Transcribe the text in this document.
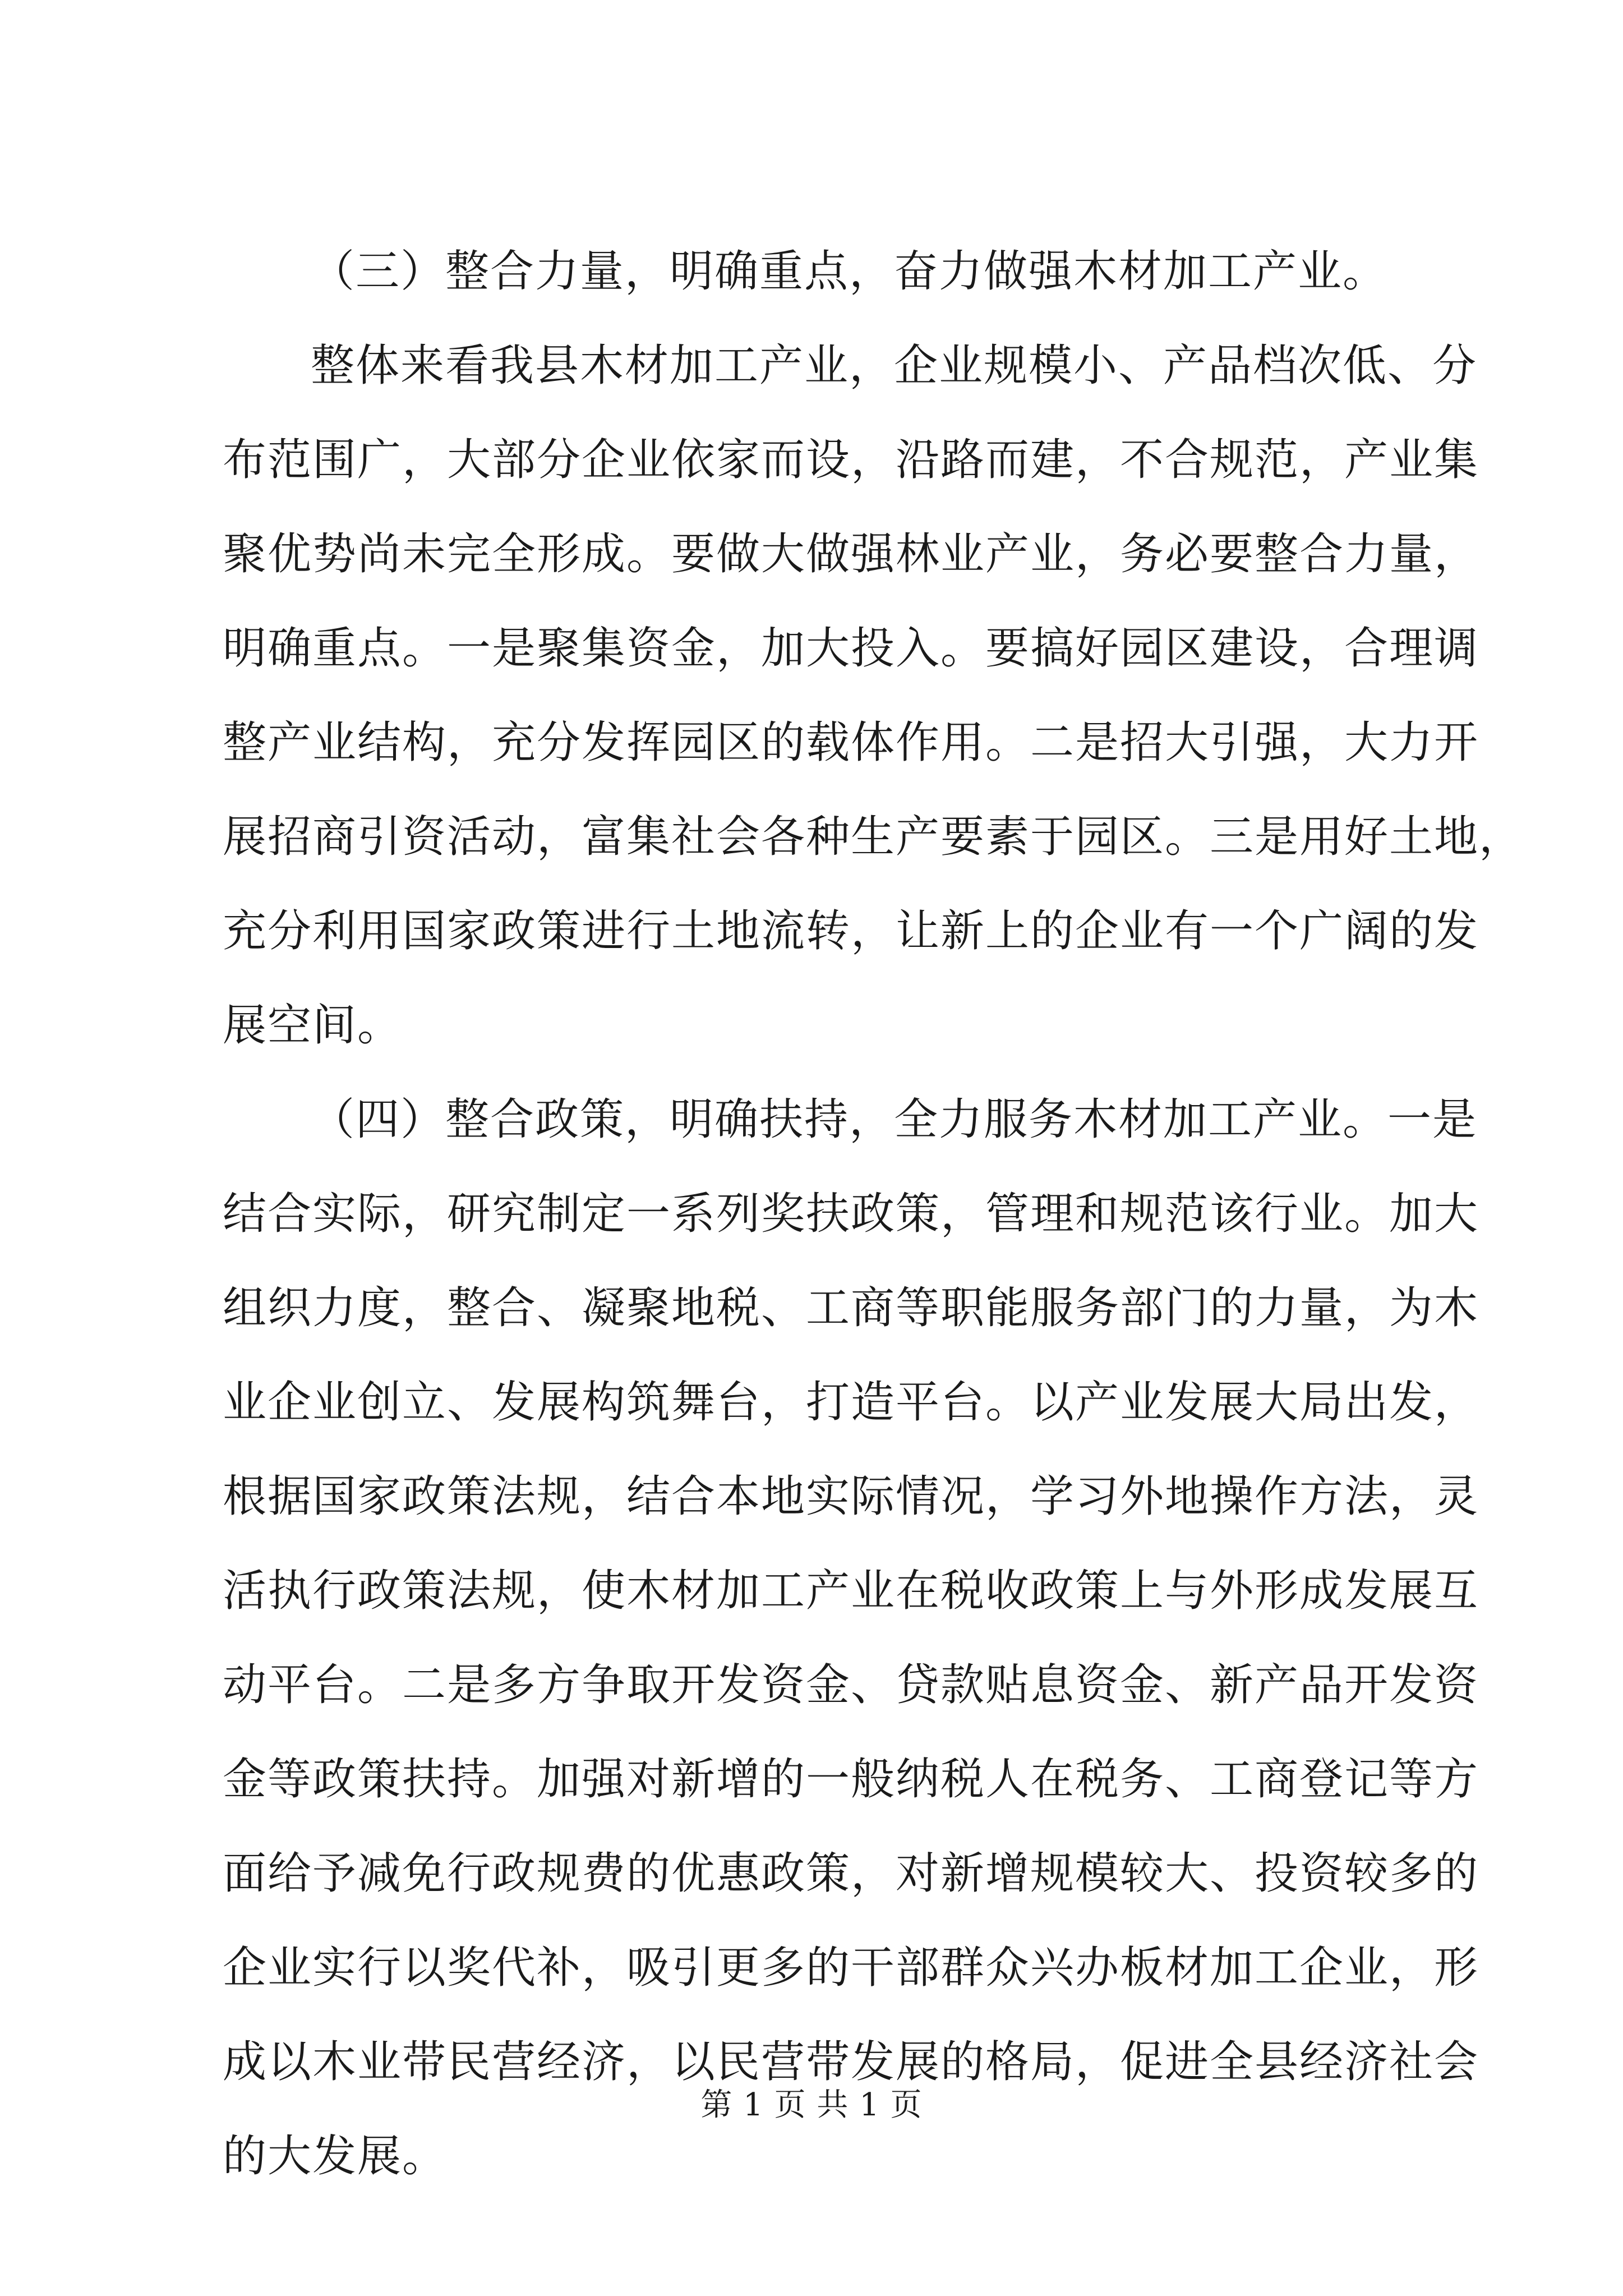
（三）整合力量，明确重点，奋力做强木材加工产业。
整体来看我县木材加工产业，企业规模小、产品档次低、分
布范围广，大部分企业依家而设，沿路而建，不合规范，产业集
聚优势尚未完全形成。要做大做强林业产业，务必要整合力量，
明确重点。一是聚集资金，加大投入。要搞好园区建设，合理调
整产业结构，充分发挥园区的载体作用。二是招大引强，大力开
展招商引资活动，富集社会各种生产要素于园区。三是用好土地，
充分利用国家政策进行土地流转，让新上的企业有一个广阔的发
展空间。
（四）整合政策，明确扶持，全力服务木材加工产业。一是
结合实际，研究制定一系列奖扶政策，管理和规范该行业。加大
组织力度，整合、凝聚地税、工商等职能服务部门的力量，为木
业企业创立、发展构筑舞台，打造平台。以产业发展大局出发，
根据国家政策法规，结合本地实际情况，学习外地操作方法，灵
活执行政策法规，使木材加工产业在税收政策上与外形成发展互
动平台。二是多方争取开发资金、贷款贴息资金、新产品开发资
金等政策扶持。加强对新增的一般纳税人在税务、工商登记等方
面给予减免行政规费的优惠政策，对新增规模较大、投资较多的
企业实行以奖代补，吸引更多的干部群众兴办板材加工企业，形
成以木业带民营经济，以民营带发展的格局，促进全县经济社会
的大发展。
第 1 页 共 1 页
